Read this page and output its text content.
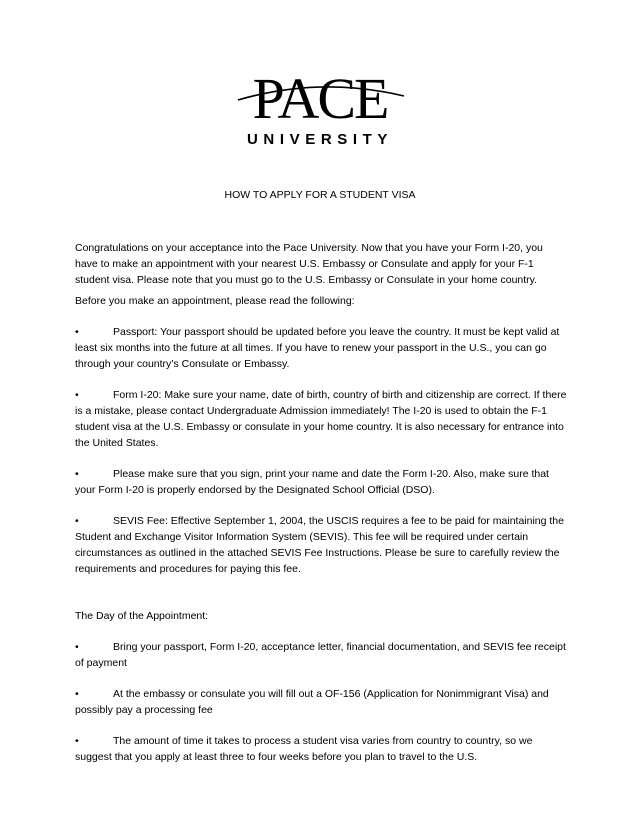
PACE
UNIVERSITY
HOW TO APPLY FOR A STUDENT VISA

Congratulations on your acceptance into the Pace University. Now that you have your Form I-20, you have to make an appointment with your nearest U.S. Embassy or Consulate and apply for your F-1 student visa. Please note that you must go to the U.S. Embassy or Consulate in your home country.

Before you make an appointment, please read the following:

•	Passport: Your passport should be updated before you leave the country. It must be kept valid at least six months into the future at all times. If you have to renew your passport in the U.S., you can go through your country’s Consulate or Embassy.

•	Form I-20: Make sure your name, date of birth, country of birth and citizenship are correct. If there is a mistake, please contact Undergraduate Admission immediately! The I-20 is used to obtain the F-1 student visa at the U.S. Embassy or consulate in your home country. It is also necessary for entrance into the United States.

•	Please make sure that you sign, print your name and date the Form I-20. Also, make sure that your Form I-20 is properly endorsed by the Designated School Official (DSO).

•	SEVIS Fee: Effective September 1, 2004, the USCIS requires a fee to be paid for maintaining the Student and Exchange Visitor Information System (SEVIS). This fee will be required under certain circumstances as outlined in the attached SEVIS Fee Instructions. Please be sure to carefully review the requirements and procedures for paying this fee.

The Day of the Appointment:

•	Bring your passport, Form I-20, acceptance letter, financial documentation, and SEVIS fee receipt of payment

•	At the embassy or consulate you will fill out a OF-156 (Application for Nonimmigrant Visa) and possibly pay a processing fee

•	The amount of time it takes to process a student visa varies from country to country, so we suggest that you apply at least three to four weeks before you plan to travel to the U.S.
